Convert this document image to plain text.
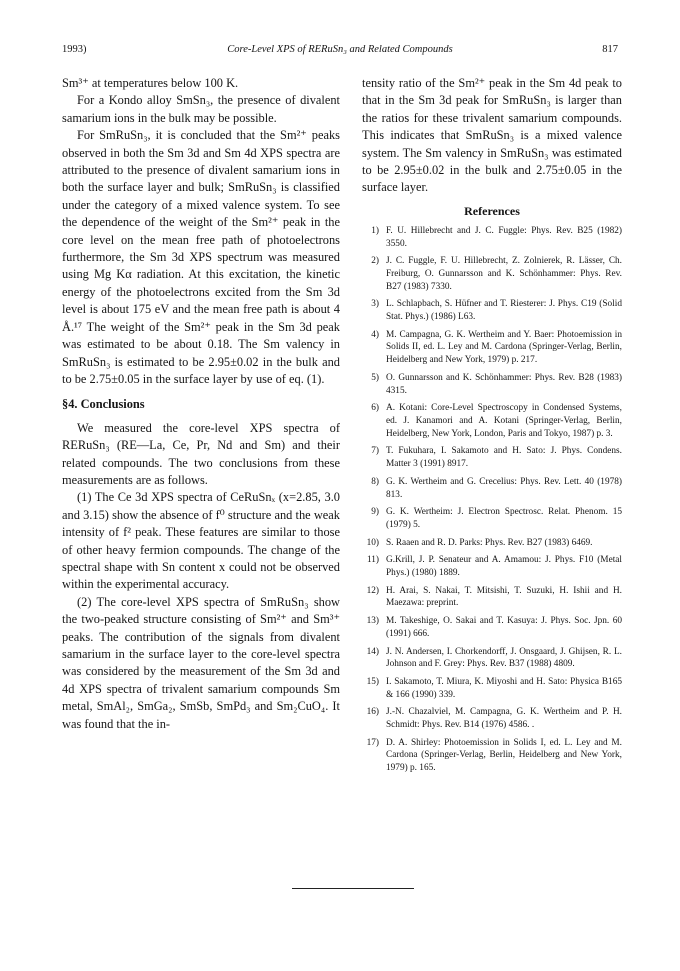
1993)	Core-Level XPS of RERuSn₃ and Related Compounds	817

Sm³⁺ at temperatures below 100 K.

For a Kondo alloy SmSn₃, the presence of divalent samarium ions in the bulk may be possible.

For SmRuSn₃, it is concluded that the Sm²⁺ peaks observed in both the Sm 3d and Sm 4d XPS spectra are attributed to the presence of divalent samarium ions in both the surface layer and bulk; SmRuSn₃ is classified under the category of a mixed valence system. To see the dependence of the weight of the Sm²⁺ peak in the core level on the mean free path of photoelectrons furthermore, the Sm 3d XPS spectrum was measured using Mg Kα radiation. At this excitation, the kinetic energy of the photoelectrons excited from the Sm 3d level is about 175 eV and the mean free path is about 4 Å.¹⁷ The weight of the Sm²⁺ peak in the Sm 3d peak was estimated to be about 0.18. The Sm valency in SmRuSn₃ is estimated to be 2.95±0.02 in the bulk and to be 2.75±0.05 in the surface layer by use of eq. (1).

§4. Conclusions

We measured the core-level XPS spectra of RERuSn₃ (RE—La, Ce, Pr, Nd and Sm) and their related compounds. The two conclusions from these measurements are as follows.

(1) The Ce 3d XPS spectra of CeRuSnₓ (x=2.85, 3.0 and 3.15) show the absence of f⁰ structure and the weak intensity of f² peak. These features are similar to those of other heavy fermion compounds. The change of the spectral shape with Sn content x could not be observed within the experimental accuracy.

(2) The core-level XPS spectra of SmRuSn₃ show the two-peaked structure consisting of Sm²⁺ and Sm³⁺ peaks. The contribution of the signals from divalent samarium in the surface layer to the core-level spectra was considered by the measurement of the Sm 3d and 4d XPS spectra of trivalent samarium compounds Sm metal, SmAl₂, SmGa₂, SmSb, SmPd₃ and Sm₂CuO₄. It was found that the in-

tensity ratio of the Sm²⁺ peak in the Sm 4d peak to that in the Sm 3d peak for SmRuSn₃ is larger than the ratios for these trivalent samarium compounds. This indicates that SmRuSn₃ is a mixed valence system. The Sm valency in SmRuSn₃ was estimated to be 2.95±0.02 in the bulk and 2.75±0.05 in the surface layer.

References
1) F. U. Hillebrecht and J. C. Fuggle: Phys. Rev. B25 (1982) 3550.
2) J. C. Fuggle, F. U. Hillebrecht, Z. Zolnierek, R. Lässer, Ch. Freiburg, O. Gunnarsson and K. Schönhammer: Phys. Rev. B27 (1983) 7330.
3) L. Schlapbach, S. Hüfner and T. Riesterer: J. Phys. C19 (Solid Stat. Phys.) (1986) L63.
4) M. Campagna, G. K. Wertheim and Y. Baer: Photoemission in Solids II, ed. L. Ley and M. Cardona (Springer-Verlag, Berlin, Heidelberg and New York, 1979) p. 217.
5) O. Gunnarsson and K. Schönhammer: Phys. Rev. B28 (1983) 4315.
6) A. Kotani: Core-Level Spectroscopy in Condensed Systems, ed. J. Kanamori and A. Kotani (Springer-Verlag, Berlin, Heidelberg, New York, London, Paris and Tokyo, 1987) p. 3.
7) T. Fukuhara, I. Sakamoto and H. Sato: J. Phys. Condens. Matter 3 (1991) 8917.
8) G. K. Wertheim and G. Crecelius: Phys. Rev. Lett. 40 (1978) 813.
9) G. K. Wertheim: J. Electron Spectrosc. Relat. Phenom. 15 (1979) 5.
10) S. Raaen and R. D. Parks: Phys. Rev. B27 (1983) 6469.
11) G.Krill, J. P. Senateur and A. Amamou: J. Phys. F10 (Metal Phys.) (1980) 1889.
12) H. Arai, S. Nakai, T. Mitsishi, T. Suzuki, H. Ishii and H. Maezawa: preprint.
13) M. Takeshige, O. Sakai and T. Kasuya: J. Phys. Soc. Jpn. 60 (1991) 666.
14) J. N. Andersen, I. Chorkendorff, J. Onsgaard, J. Ghijsen, R. L. Johnson and F. Grey: Phys. Rev. B37 (1988) 4809.
15) I. Sakamoto, T. Miura, K. Miyoshi and H. Sato: Physica B165 & 166 (1990) 339.
16) J.-N. Chazalviel, M. Campagna, G. K. Wertheim and P. H. Schmidt: Phys. Rev. B14 (1976) 4586. .
17) D. A. Shirley: Photoemission in Solids I, ed. L. Ley and M. Cardona (Springer-Verlag, Berlin, Heidelberg and New York, 1979) p. 165.
